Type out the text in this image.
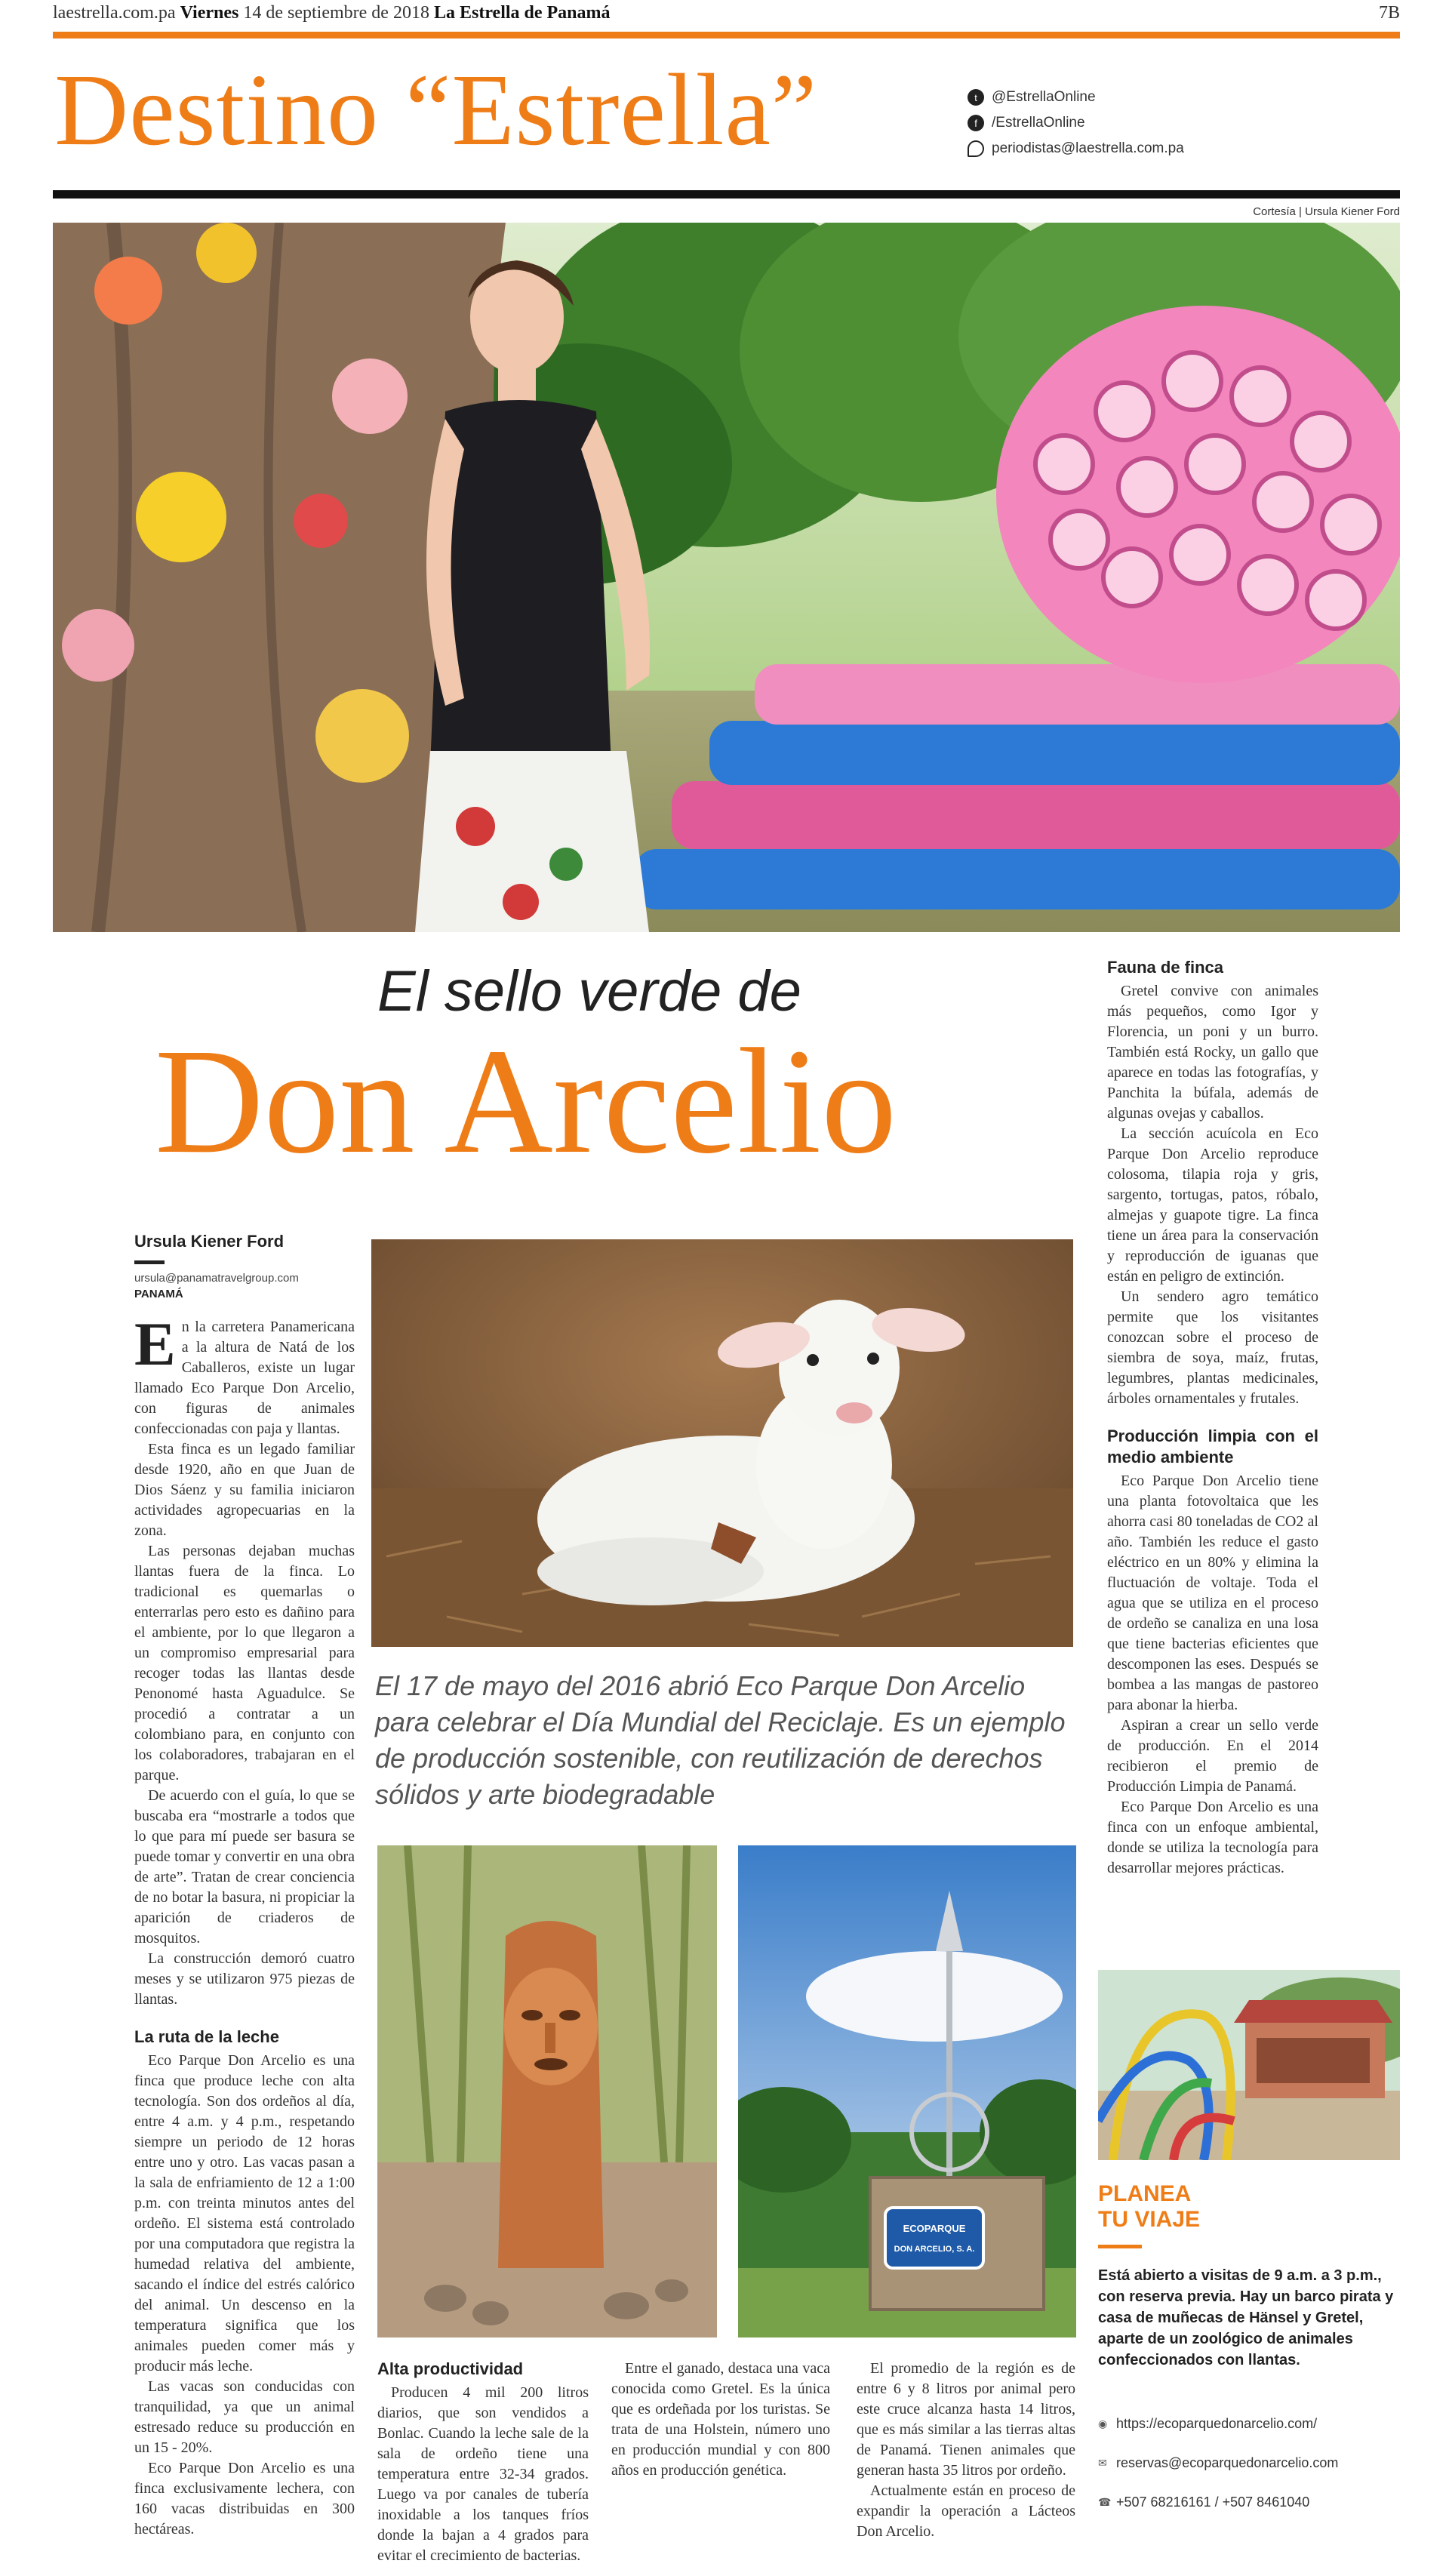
laestrella.com.pa Viernes 14 de septiembre de 2018 La Estrella de Panamá	7B
Destino “Estrella”	t	@EstrellaOnline
f	/EstrellaOnline
periodistas@laestrella.com.pa
Cortesía | Ursula Kiener Ford
El sello verde de
Don Arcelio
Ursula Kiener Ford
ursula@panamatravelgroup.com
PANAMÁ

En la carretera Panamericana a la altura de Natá de los Caballeros, existe un lugar llamado Eco Parque Don Arcelio, con figuras de animales confeccionadas con paja y llantas.

Esta finca es un legado familiar desde 1920, año en que Juan de Dios Sáenz y su familia iniciaron actividades agropecuarias en la zona.

Las personas dejaban muchas llantas fuera de la finca. Lo tradicional es quemarlas o enterrarlas pero esto es dañino para el ambiente, por lo que llegaron a un compromiso empresarial para recoger todas las llantas desde Penonomé hasta Aguadulce. Se procedió a contratar a un colombiano para, en conjunto con los colaboradores, trabajaran en el parque.

De acuerdo con el guía, lo que se buscaba era “mostrarle a todos que lo que para mí puede ser basura se puede tomar y convertir en una obra de arte”. Tratan de crear conciencia de no botar la basura, ni propiciar la aparición de criaderos de mosquitos.

La construcción demoró cuatro meses y se utilizaron 975 piezas de llantas.

La ruta de la leche

Eco Parque Don Arcelio es una finca que produce leche con alta tecnología. Son dos ordeños al día, entre 4 a.m. y 4 p.m., respetando siempre un periodo de 12 horas entre uno y otro. Las vacas pasan a la sala de enfriamiento de 12 a 1:00 p.m. con treinta minutos antes del ordeño. El sistema está controlado por una computadora que registra la humedad relativa del ambiente, sacando el índice del estrés calórico del animal. Un descenso en la temperatura significa que los animales pueden comer más y producir más leche.

Las vacas son conducidas con tranquilidad, ya que un animal estresado reduce su producción en un 15 - 20%.

Eco Parque Don Arcelio es una finca exclusivamente lechera, con 160 vacas distribuidas en 300 hectáreas.

El 17 de mayo del 2016 abrió Eco Parque Don Arcelio para celebrar el Día Mundial del Reciclaje. Es un ejemplo de producción sostenible, con reutilización de derechos sólidos y arte biodegradable
ECOPARQUE
DON ARCELIO, S. A.
Alta productividad

Producen 4 mil 200 litros diarios, que son vendidos a Bonlac. Cuando la leche sale de la sala de ordeño tiene una temperatura entre 32-34 grados. Luego va por canales de tubería inoxidable a los tanques fríos donde la bajan a 4 grados para evitar el crecimiento de bacterias.

Entre el ganado, destaca una vaca conocida como Gretel. Es la única que es ordeñada por los turistas. Se trata de una Holstein, número uno en producción mundial y con 800 años en producción genética.

El promedio de la región es de entre 6 y 8 litros por animal pero este cruce alcanza hasta 14 litros, que es más similar a las tierras altas de Panamá. Tienen animales que generan hasta 35 litros por ordeño.

Actualmente están en proceso de expandir la operación a Lácteos Don Arcelio.

Fauna de finca

Gretel convive con animales más pequeños, como Igor y Florencia, un poni y un burro. También está Rocky, un gallo que aparece en todas las fotografías, y Panchita la búfala, además de algunas ovejas y caballos.

La sección acuícola en Eco Parque Don Arcelio reproduce colosoma, tilapia roja y gris, sargento, tortugas, patos, róbalo, almejas y guapote tigre. La finca tiene un área para la conservación y reproducción de iguanas que están en peligro de extinción.

Un sendero agro temático permite que los visitantes conozcan sobre el proceso de siembra de soya, maíz, frutas, legumbres, plantas medicinales, árboles ornamentales y frutales.

Producción limpia con el medio ambiente

Eco Parque Don Arcelio tiene una planta fotovoltaica que les ahorra casi 80 toneladas de CO2 al año. También les reduce el gasto eléctrico en un 80% y elimina la fluctuación de voltaje. Toda el agua que se utiliza en el proceso de ordeño se canaliza en una losa que tiene bacterias eficientes que descomponen las eses. Después se bombea a las mangas de pastoreo para abonar la hierba.

Aspiran a crear un sello verde de producción. En el 2014 recibieron el premio de Producción Limpia de Panamá.

Eco Parque Don Arcelio es una finca con un enfoque ambiental, donde se utiliza la tecnología para desarrollar mejores prácticas.

PLANEA
TU VIAJE
Está abierto a visitas de 9 a.m. a 3 p.m., con reserva previa. Hay un barco pirata y casa de muñecas de Hänsel y Gretel, aparte de un zoológico de animales confeccionados con llantas.
◉ https://ecoparquedonarcelio.com/
✉ reservas@ecoparquedonarcelio.com
☎ +507 68216161 / +507 8461040
